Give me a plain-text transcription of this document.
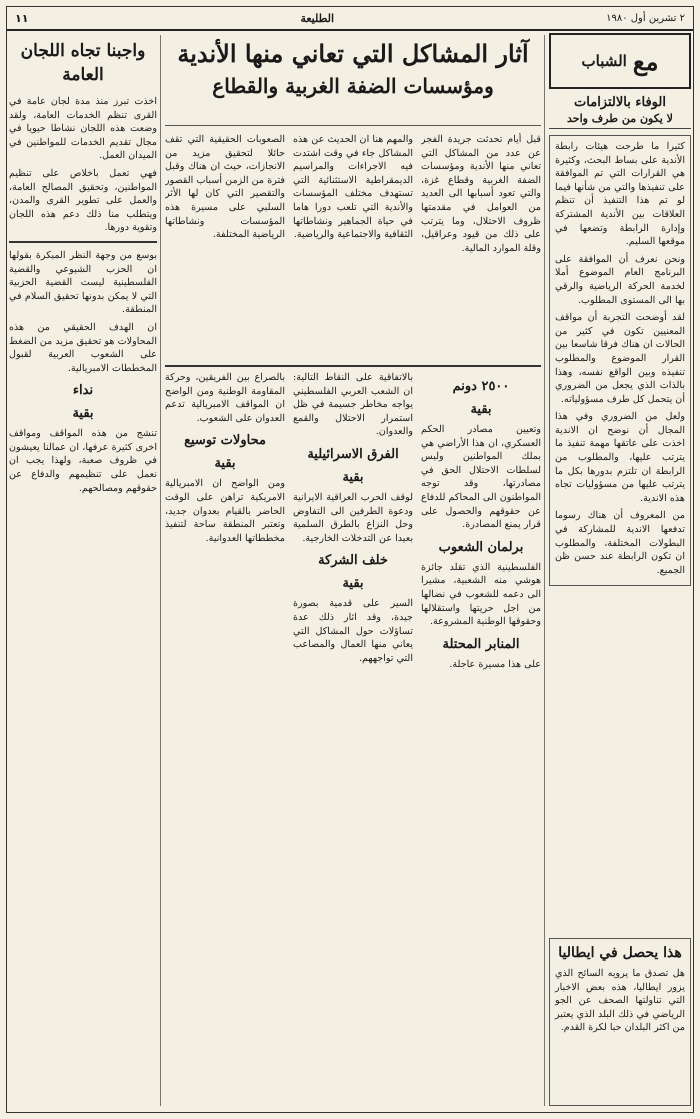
٢ تشرين أول ١٩٨٠
الطليعة
١١
مع
الشباب
الوفاء بالالتزامات
لا يكون من طرف واحد

كثيرا ما طرحت هيئات رابطة الأندية على بساط البحث، وكثيرة هي القرارات التي تم الموافقة على تنفيذها والتي من شأنها فيما لو تم هذا التنفيذ أن تنظم العلاقات بين الأندية المشتركة وإدارة الرابطة وتضعها في موقعها السليم.

ونحن نعرف أن الموافقة على البرنامج العام الموضوع أملا لخدمة الحركة الرياضية والرقي بها الى المستوى المطلوب.

لقد أوضحت التجربة أن مواقف المعنيين تكون في كثير من الحالات ان هناك فرقا شاسعا بين القرار الموضوع والمطلوب تنفيذه وبين الواقع نفسه، وهذا بالذات الذي يجعل من الضروري أن يتحمل كل طرف مسؤولياته.

ولعل من الضروري وفي هذا المجال أن نوضح ان الاندية اخذت على عاتقها مهمة تنفيذ ما يترتب عليها، والمطلوب من الرابطة ان تلتزم بدورها بكل ما يترتب عليها من مسؤوليات تجاه هذه الاندية.

من المعروف أن هناك رسوما تدفعها الاندية للمشاركة في البطولات المختلفة، والمطلوب ان تكون الرابطة عند حسن ظن الجميع.

هذا يحصل في ايطاليا

هل تصدق ما يرويه السائح الذي يزور ايطاليا، هذه بعض الاخبار التي تناولتها الصحف عن الجو الرياضي في ذلك البلد الذي يعتبر من اكثر البلدان حبا لكرة القدم.

آثار المشاكل التي تعاني منها الأندية
ومؤسسات الضفة الغربية والقطاع

قبل أيام تحدثت جريدة الفجر عن عدد من المشاكل التي تعاني منها الأندية ومؤسسات الضفة الغربية وقطاع غزة، والتي تعود أسبابها الى العديد من العوامل في مقدمتها ظروف الاحتلال، وما يترتب على ذلك من قيود وعراقيل، وقلة الموارد المالية.

والمهم هنا ان الحديث عن هذه المشاكل جاء في وقت اشتدت فيه الاجراءات والمراسيم الديمقراطية الاستثنائية التي تستهدف مختلف المؤسسات والأندية التي تلعب دورا هاما في حياة الجماهير ونشاطاتها الثقافية والاجتماعية والرياضية.

الصعوبات الحقيقية التي تقف حائلا لتحقيق مزيد من الانجازات، حيث ان هناك وقبل فترة من الزمن أسباب القصور والتقصير التي كان لها الأثر السلبي على مسيرة هذه المؤسسات ونشاطاتها الرياضية المختلفة.

٢٥٠٠ دونم
بقية

وتعيين مصادر الحكم العسكري، ان هذا الأراضي هي بملك المواطنين وليس لسلطات الاحتلال الحق في مصادرتها، وقد توجه المواطنون الى المحاكم للدفاع عن حقوقهم والحصول على قرار يمنع المصادرة.

برلمان الشعوب

الفلسطينية الذي تقلد جائزة هوشي منه الشعبية، مشيرا الى دعمه للشعوب في نضالها من اجل حريتها واستقلالها وحقوقها الوطنية المشروعة.

المنابر المحتلة

على هذا مسيرة عاجلة.

بالاتفاقية على النقاط التالية: ان الشعب العربي الفلسطيني يواجه مخاطر جسيمة في ظل استمرار الاحتلال والقمع والعدوان.

الفرق الاسرائيلية
بقية

لوقف الحرب العراقية الايرانية ودعوة الطرفين الى التفاوض وحل النزاع بالطرق السلمية بعيدا عن التدخلات الخارجية.

خلف الشركة
بقية

السير على قدمية بصورة جيدة، وقد اثار ذلك عدة تساؤلات حول المشاكل التي يعاني منها العمال والمصاعب التي تواجههم.

بالصراع بين الفريقين، وحركة المقاومة الوطنية ومن الواضح ان المواقف الامبريالية تدعم العدوان على الشعوب.

محاولات توسيع
بقية

ومن الواضح ان الامبريالية الامريكية تراهن على الوقت الحاضر بالقيام بعدوان جديد، وتعتبر المنطقة ساحة لتنفيذ مخططاتها العدوانية.

واجبنا تجاه اللجان العامة

اخذت تبرز منذ مدة لجان عامة في القرى تنظم الخدمات العامة، ولقد وضعت هذه اللجان نشاطا حيويا في مجال تقديم الخدمات للمواطنين في الميدان العمل.

فهي تعمل باخلاص على تنظيم المواطنين، وتحقيق المصالح العامة، والعمل على تطوير القرى والمدن، ويتطلب منا ذلك دعم هذه اللجان وتقوية دورها.

بوسع من وجهة النظر المبكرة بقولها ان الحزب الشيوعي والقضية الفلسطينية ليست القضية الحزبية التي لا يمكن بدونها تحقيق السلام في المنطقة.

ان الهدف الحقيقي من هذه المحاولات هو تحقيق مزيد من الضغط على الشعوب العربية لقبول المخططات الامبريالية.

نداء
بقية

تنشج من هذه المواقف ومواقف اخرى كثيرة عرفها، ان عمالنا يعيشون في ظروف صعبة، ولهذا يجب ان نعمل على تنظيمهم والدفاع عن حقوقهم ومصالحهم.
